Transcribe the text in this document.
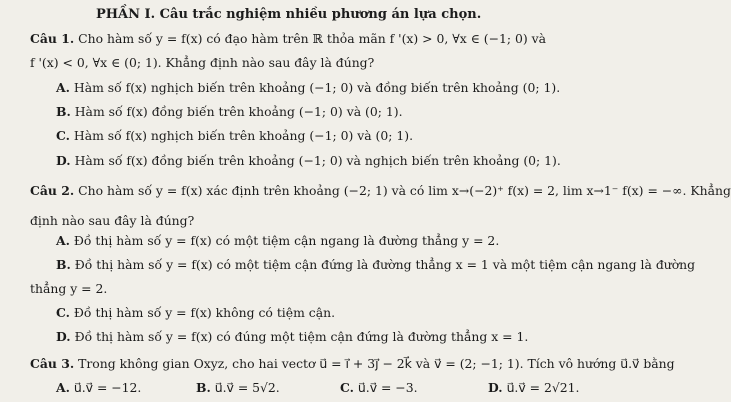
PHẦN I. Câu trắc nghiệm nhiều phương án lựa chọn.
Câu 1. Cho hàm số y = f(x) có đạo hàm trên ℝ thỏa mãn f '(x) > 0, ∀x ∈ (−1; 0) và
f '(x) < 0, ∀x ∈ (0; 1). Khẳng định nào sau đây là đúng?
A. Hàm số f(x) nghịch biến trên khoảng (−1; 0) và đồng biến trên khoảng (0; 1).
B. Hàm số f(x) đồng biến trên khoảng (−1; 0) và (0; 1).
C. Hàm số f(x) nghịch biến trên khoảng (−1; 0) và (0; 1).
D. Hàm số f(x) đồng biến trên khoảng (−1; 0) và nghịch biến trên khoảng (0; 1).
Câu 2. Cho hàm số y = f(x) xác định trên khoảng (−2; 1) và có lim x→(−2)⁺ f(x) = 2, lim x→1⁻ f(x) = −∞. Khẳng
định nào sau đây là đúng?
A. Đồ thị hàm số y = f(x) có một tiệm cận ngang là đường thẳng y = 2.
B. Đồ thị hàm số y = f(x) có một tiệm cận đứng là đường thẳng x = 1 và một tiệm cận ngang là đường
thẳng y = 2.
C. Đồ thị hàm số y = f(x) không có tiệm cận.
D. Đồ thị hàm số y = f(x) có đúng một tiệm cận đứng là đường thẳng x = 1.
Câu 3. Trong không gian Oxyz, cho hai vectơ u⃗ = i⃗ + 3j⃗ − 2k⃗ và v⃗ = (2; −1; 1). Tích vô hướng u⃗.v⃗ bằng
A. u⃗.v⃗ = −12.	B. u⃗.v⃗ = 5√2.	C. u⃗.v⃗ = −3.	D. u⃗.v⃗ = 2√21.
